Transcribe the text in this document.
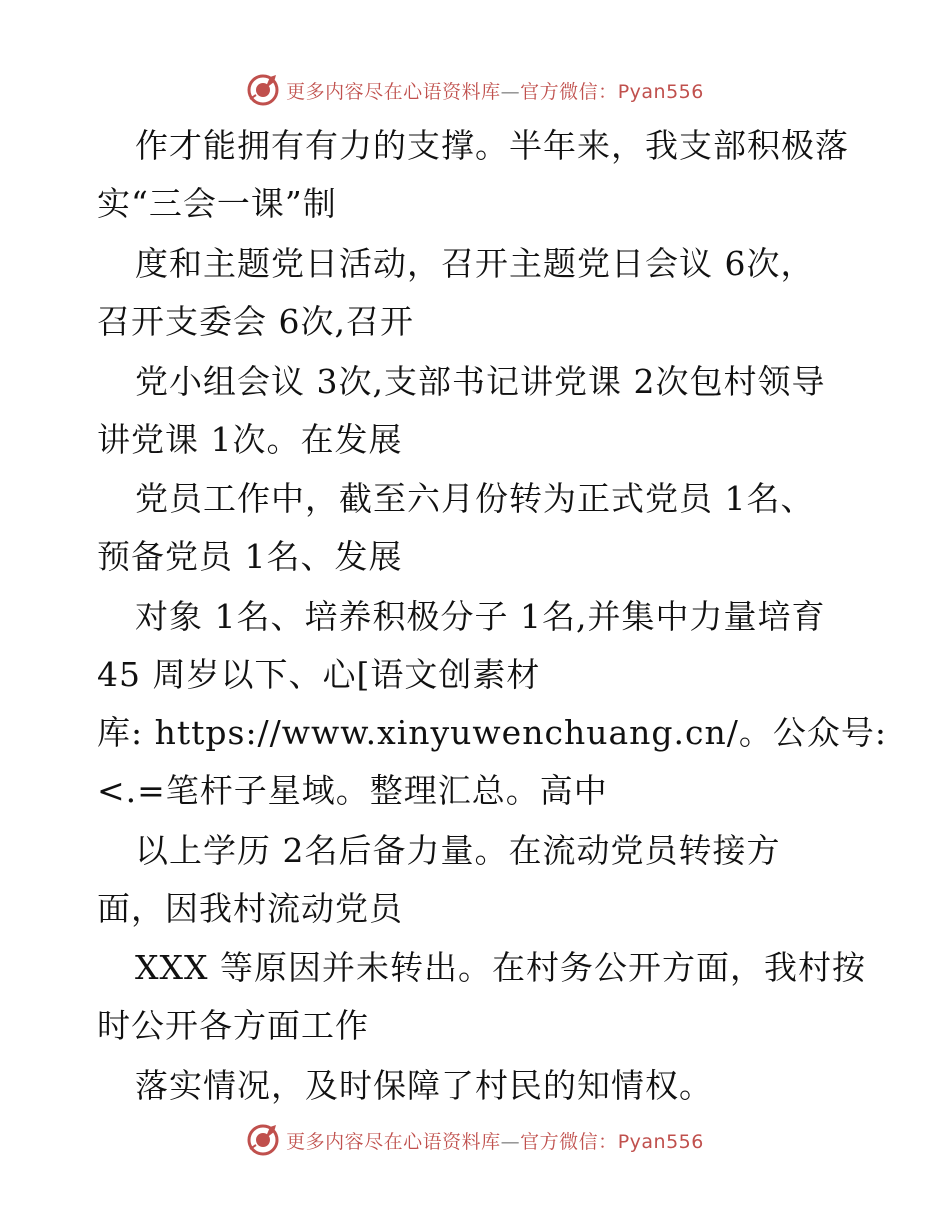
更多内容尽在心语资料库—官方微信：Pyan556
作才能拥有有力的支撑。半年来，我支部积极落
实“三会一课”制
度和主题党日活动，召开主题党日会议 6次，
召开支委会 6次,召开
党小组会议 3次,支部书记讲党课 2次包村领导
讲党课 1次。在发展
党员工作中，截至六月份转为正式党员 1名、
预备党员 1名、发展
对象 1名、培养积极分子 1名,并集中力量培育
45 周岁以下、心[语文创素材
库: https://www.xinyuwenchuang.cn/。公众号:
<.=笔杆子星域。整理汇总。高中
以上学历 2名后备力量。在流动党员转接方
面，因我村流动党员
XXX 等原因并未转出。在村务公开方面，我村按
时公开各方面工作
落实情况，及时保障了村民的知情权。
更多内容尽在心语资料库—官方微信：Pyan556
